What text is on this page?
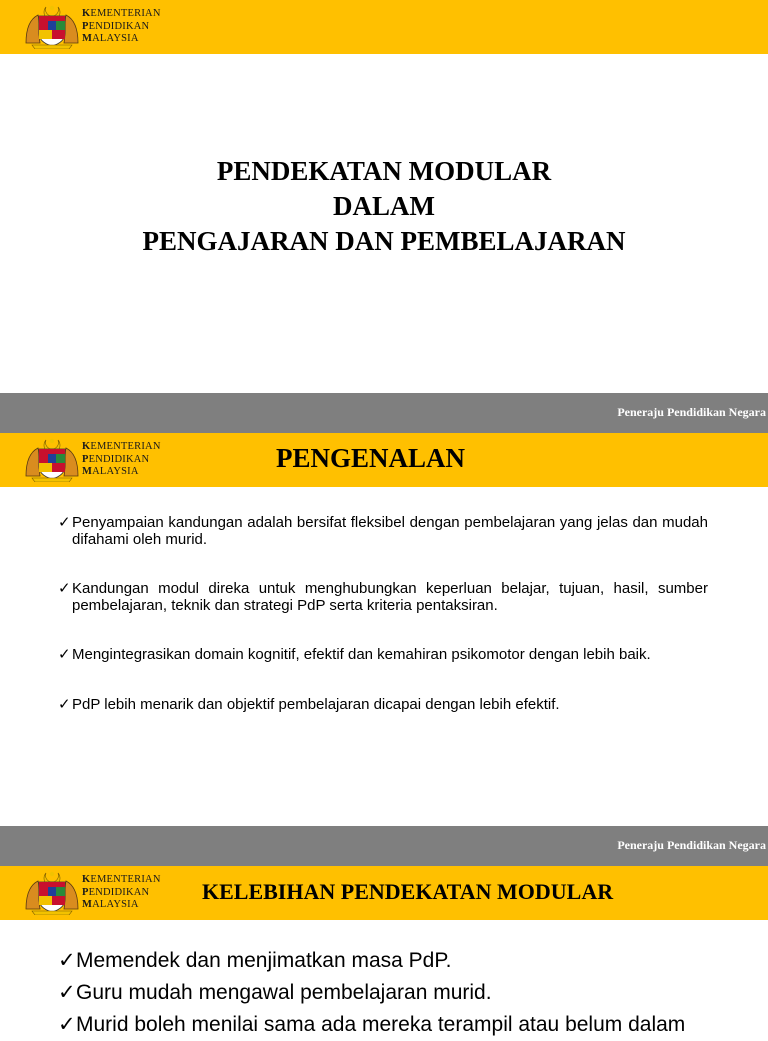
KEMENTERIAN
PENDIDIKAN
MALAYSIA
PENDEKATAN MODULAR
DALAM
PENGAJARAN DAN PEMBELAJARAN
Peneraju Pendidikan Negara
KEMENTERIAN
PENDIDIKAN
MALAYSIA	PENGENALAN
Peneraju Pendidikan Negara
✓ Penyampaian kandungan adalah bersifat fleksibel dengan pembelajaran yang jelas dan mudah difahami oleh murid.
✓ Kandungan modul direka untuk menghubungkan keperluan belajar, tujuan, hasil, sumber pembelajaran, teknik dan strategi PdP serta kriteria pentaksiran.
✓ Mengintegrasikan domain kognitif, efektif dan kemahiran psikomotor dengan lebih baik.
✓ PdP lebih menarik dan objektif pembelajaran dicapai dengan lebih efektif.
KEMENTERIAN
PENDIDIKAN
MALAYSIA
KELEBIHAN PENDEKATAN MODULAR
✓ Memendek dan menjimatkan masa PdP.
✓ Guru mudah mengawal pembelajaran murid.
✓ Murid boleh menilai sama ada mereka terampil atau belum dalam
